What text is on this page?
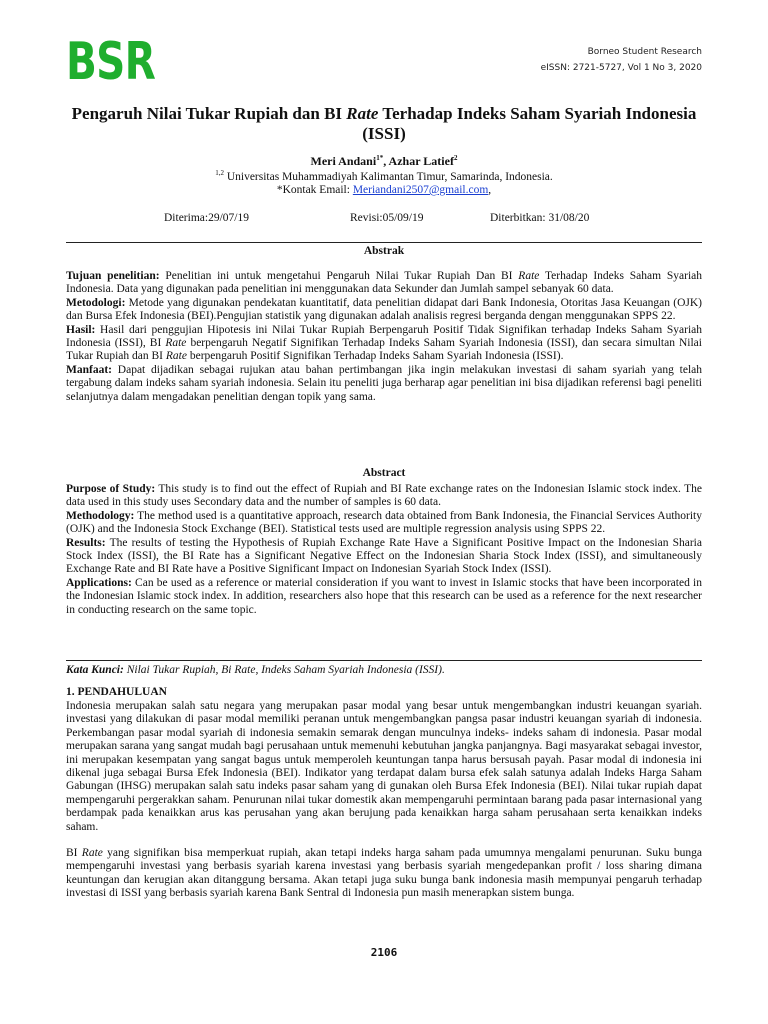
BSR	Borneo Student Research
eISSN: 2721-5727, Vol 1 No 3, 2020
Pengaruh Nilai Tukar Rupiah dan BI Rate Terhadap Indeks Saham Syariah Indonesia (ISSI)
Meri Andani$^{1*}$, Azhar Latief$^2$
$^{1,2}$ Universitas Muhammadiyah Kalimantan Timur, Samarinda, Indonesia.
*Kontak Email: Meriandani2507@gmail.com,
Diterima:29/07/19	Revisi:05/09/19	Diterbitkan: 31/08/20
Abstrak

Tujuan penelitian: Penelitian ini untuk mengetahui Pengaruh Nilai Tukar Rupiah Dan BI Rate Terhadap Indeks Saham Syariah Indonesia. Data yang digunakan pada penelitian ini menggunakan data Sekunder dan Jumlah sampel sebanyak 60 data.

Metodologi: Metode yang digunakan pendekatan kuantitatif, data penelitian didapat dari Bank Indonesia, Otoritas Jasa Keuangan (OJK) dan Bursa Efek Indonesia (BEI).Pengujian statistik yang digunakan adalah analisis regresi berganda dengan menggunakan SPPS 22.

Hasil: Hasil dari penggujian Hipotesis ini Nilai Tukar Rupiah Berpengaruh Positif Tidak Signifikan terhadap Indeks Saham Syariah Indonesia (ISSI), BI Rate berpengaruh Negatif Signifikan Terhadap Indeks Saham Syariah Indonesia (ISSI), dan secara simultan Nilai Tukar Rupiah dan BI Rate berpengaruh Positif Signifikan Terhadap Indeks Saham Syariah Indonesia (ISSI).

Manfaat: Dapat dijadikan sebagai rujukan atau bahan pertimbangan jika ingin melakukan investasi di saham syariah yang telah tergabung dalam indeks saham syariah indonesia. Selain itu peneliti juga berharap agar penelitian ini bisa dijadikan referensi bagi peneliti selanjutnya dalam mengadakan penelitian dengan topik yang sama.

Abstract

Purpose of Study: This study is to find out the effect of Rupiah and BI Rate exchange rates on the Indonesian Islamic stock index. The data used in this study uses Secondary data and the number of samples is 60 data.

Methodology: The method used is a quantitative approach, research data obtained from Bank Indonesia, the Financial Services Authority (OJK) and the Indonesia Stock Exchange (BEI). Statistical tests used are multiple regression analysis using SPPS 22.

Results: The results of testing the Hypothesis of Rupiah Exchange Rate Have a Significant Positive Impact on the Indonesian Sharia Stock Index (ISSI), the BI Rate has a Significant Negative Effect on the Indonesian Sharia Stock Index (ISSI), and simultaneously Exchange Rate and BI Rate have a Positive Significant Impact on Indonesian Syariah Stock Index (ISSI).

Applications: Can be used as a reference or material consideration if you want to invest in Islamic stocks that have been incorporated in the Indonesian Islamic stock index. In addition, researchers also hope that this research can be used as a reference for the next researcher in conducting research on the same topic.

Kata Kunci: Nilai Tukar Rupiah, Bi Rate, Indeks Saham Syariah Indonesia (ISSI).
1. PENDAHULUAN

Indonesia merupakan salah satu negara yang merupakan pasar modal yang besar untuk mengembangkan industri keuangan syariah. investasi yang dilakukan di pasar modal memiliki peranan untuk mengembangkan pangsa pasar industri keuangan syariah di indonesia. Perkembangan pasar modal syariah di indonesia semakin semarak dengan munculnya indeks- indeks saham di indonesia. Pasar modal merupakan sarana yang sangat mudah bagi perusahaan untuk memenuhi kebutuhan jangka panjangnya. Bagi masyarakat sebagai investor, ini merupakan kesempatan yang sangat bagus untuk memperoleh keuntungan tanpa harus bersusah payah. Pasar modal di indonesia ini dikenal juga sebagai Bursa Efek Indonesia (BEI). Indikator yang terdapat dalam bursa efek salah satunya adalah Indeks Harga Saham Gabungan (IHSG) merupakan salah satu indeks pasar saham yang di gunakan oleh Bursa Efek Indonesia (BEI). Nilai tukar rupiah dapat mempengaruhi pergerakkan saham. Penurunan nilai tukar domestik akan mempengaruhi permintaan barang pada pasar internasional yang berdampak pada kenaikkan arus kas perusahan yang akan berujung pada kenaikkan harga saham perusahaan serta kenaikkan indeks saham.

BI Rate yang signifikan bisa memperkuat rupiah, akan tetapi indeks harga saham pada umumnya mengalami penurunan. Suku bunga mempengaruhi investasi yang berbasis syariah karena investasi yang berbasis syariah mengedepankan profit / loss sharing dimana keuntungan dan kerugian akan ditanggung bersama. Akan tetapi juga suku bunga bank indonesia masih mempunyai pengaruh terhadap investasi di ISSI yang berbasis syariah karena Bank Sentral di Indonesia pun masih menerapkan sistem bunga.

2106
